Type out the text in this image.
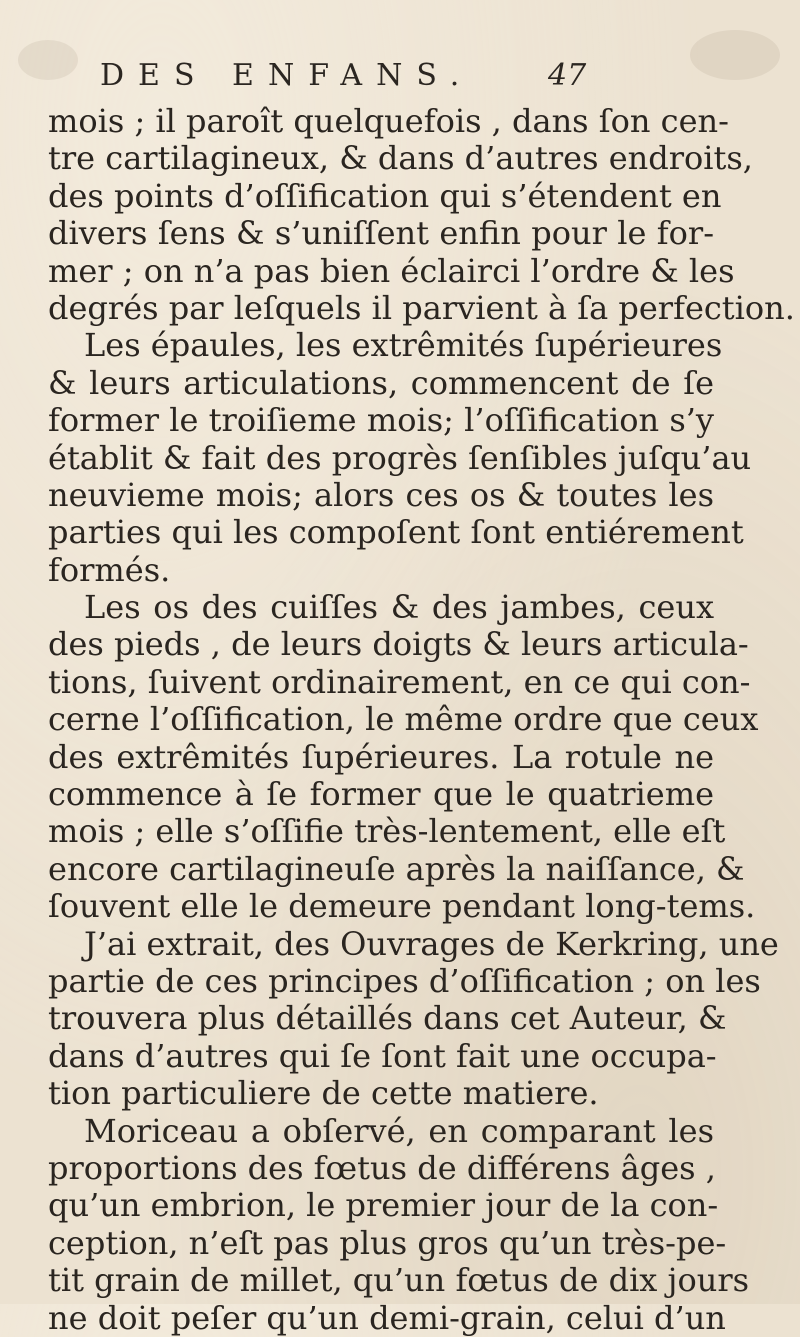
DES ENFANS. 47
mois ; il paroît quelquefois , dans ſon cen-
tre cartilagineux, & dans d’autres endroits,
des points d’oſſification qui s’étendent en
divers ſens & s’uniſſent enfin pour le for-
mer ; on n’a pas bien éclairci l’ordre & les
degrés par leſquels il parvient à ſa perfection.
Les épaules, les extrêmités ſupérieures
& leurs articulations, commencent de ſe
former le troiſieme mois; l’oſſification s’y
établit & fait des progrès ſenſibles juſqu’au
neuvieme mois; alors ces os & toutes les
parties qui les compoſent ſont entiérement
formés.
Les os des cuiſſes & des jambes, ceux
des pieds , de leurs doigts & leurs articula-
tions, ſuivent ordinairement, en ce qui con-
cerne l’oſſification, le même ordre que ceux
des extrêmités ſupérieures. La rotule ne
commence à ſe former que le quatrieme
mois ; elle s’oſſifie très-lentement, elle eſt
encore cartilagineuſe après la naiſſance, &
ſouvent elle le demeure pendant long-tems.
J’ai extrait, des Ouvrages de Kerkring, une
partie de ces principes d’oſſification ; on les
trouvera plus détaillés dans cet Auteur, &
dans d’autres qui ſe ſont fait une occupa-
tion particuliere de cette matiere.
Moriceau a obſervé, en comparant les
proportions des fœtus de différens âges ,
qu’un embrion, le premier jour de la con-
ception, n’eſt pas plus gros qu’un très-pe-
tit grain de millet, qu’un fœtus de dix jours
ne doit peſer qu’un demi-grain, celui d’un
